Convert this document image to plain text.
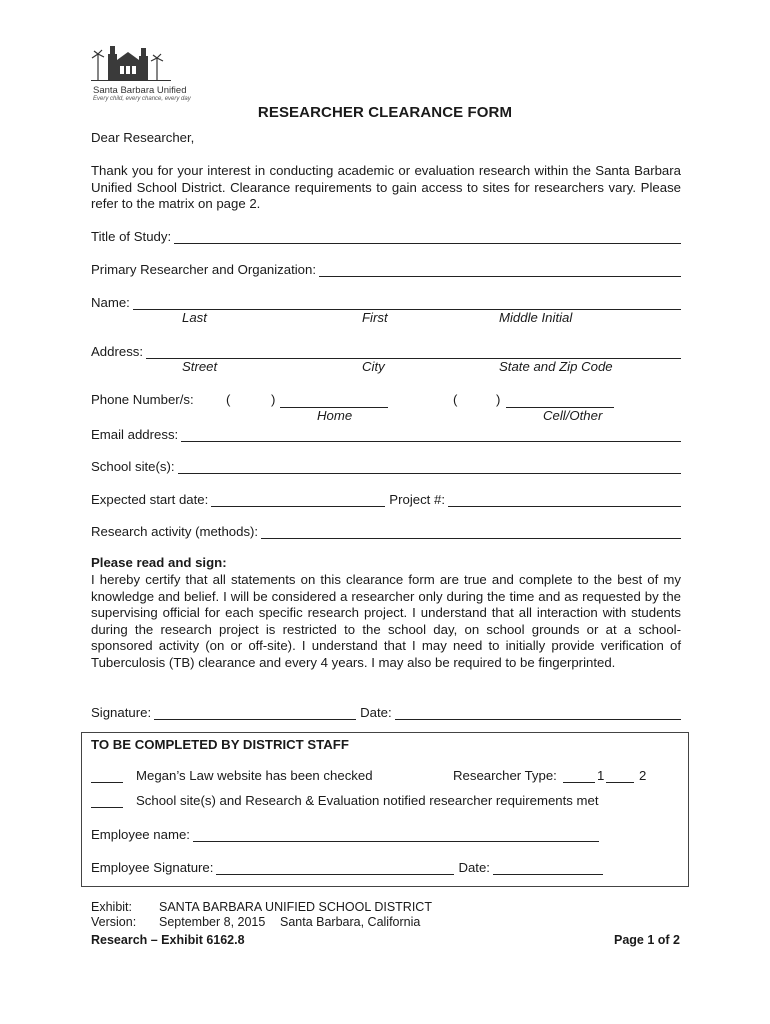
Santa Barbara Unified
Every child, every chance, every day
RESEARCHER CLEARANCE FORM
Dear Researcher,
Thank you for your interest in conducting academic or evaluation research within the Santa Barbara Unified School District. Clearance requirements to gain access to sites for researchers vary. Please refer to the matrix on page 2.
Title of Study:
Primary Researcher and Organization:
Name:
Last	First	Middle Initial
Address:
Street	City	State and Zip Code
Phone Number/s: (	)	(	)
Home	Cell/Other
Email address:
School site(s):
Expected start date:	Project #:
Research activity (methods):
Please read and sign:
I hereby certify that all statements on this clearance form are true and complete to the best of my knowledge and belief. I will be considered a researcher only during the time and as requested by the supervising official for each specific research project. I understand that all interaction with students during the research project is restricted to the school day, on school grounds or at a school-sponsored activity (on or off-site). I understand that I may need to initially provide verification of Tuberculosis (TB) clearance and every 4 years. I may also be required to be fingerprinted.
Signature:	Date:
TO BE COMPLETED BY DISTRICT STAFF
Megan’s Law website has been checked	Researcher Type:	1	2
School site(s) and Research & Evaluation notified researcher requirements met
Employee name:
Employee Signature:	Date:
Exhibit: SANTA BARBARA UNIFIED SCHOOL DISTRICT
Version: September 8, 2015 Santa Barbara, California
Research – Exhibit 6162.8	Page 1 of 2
